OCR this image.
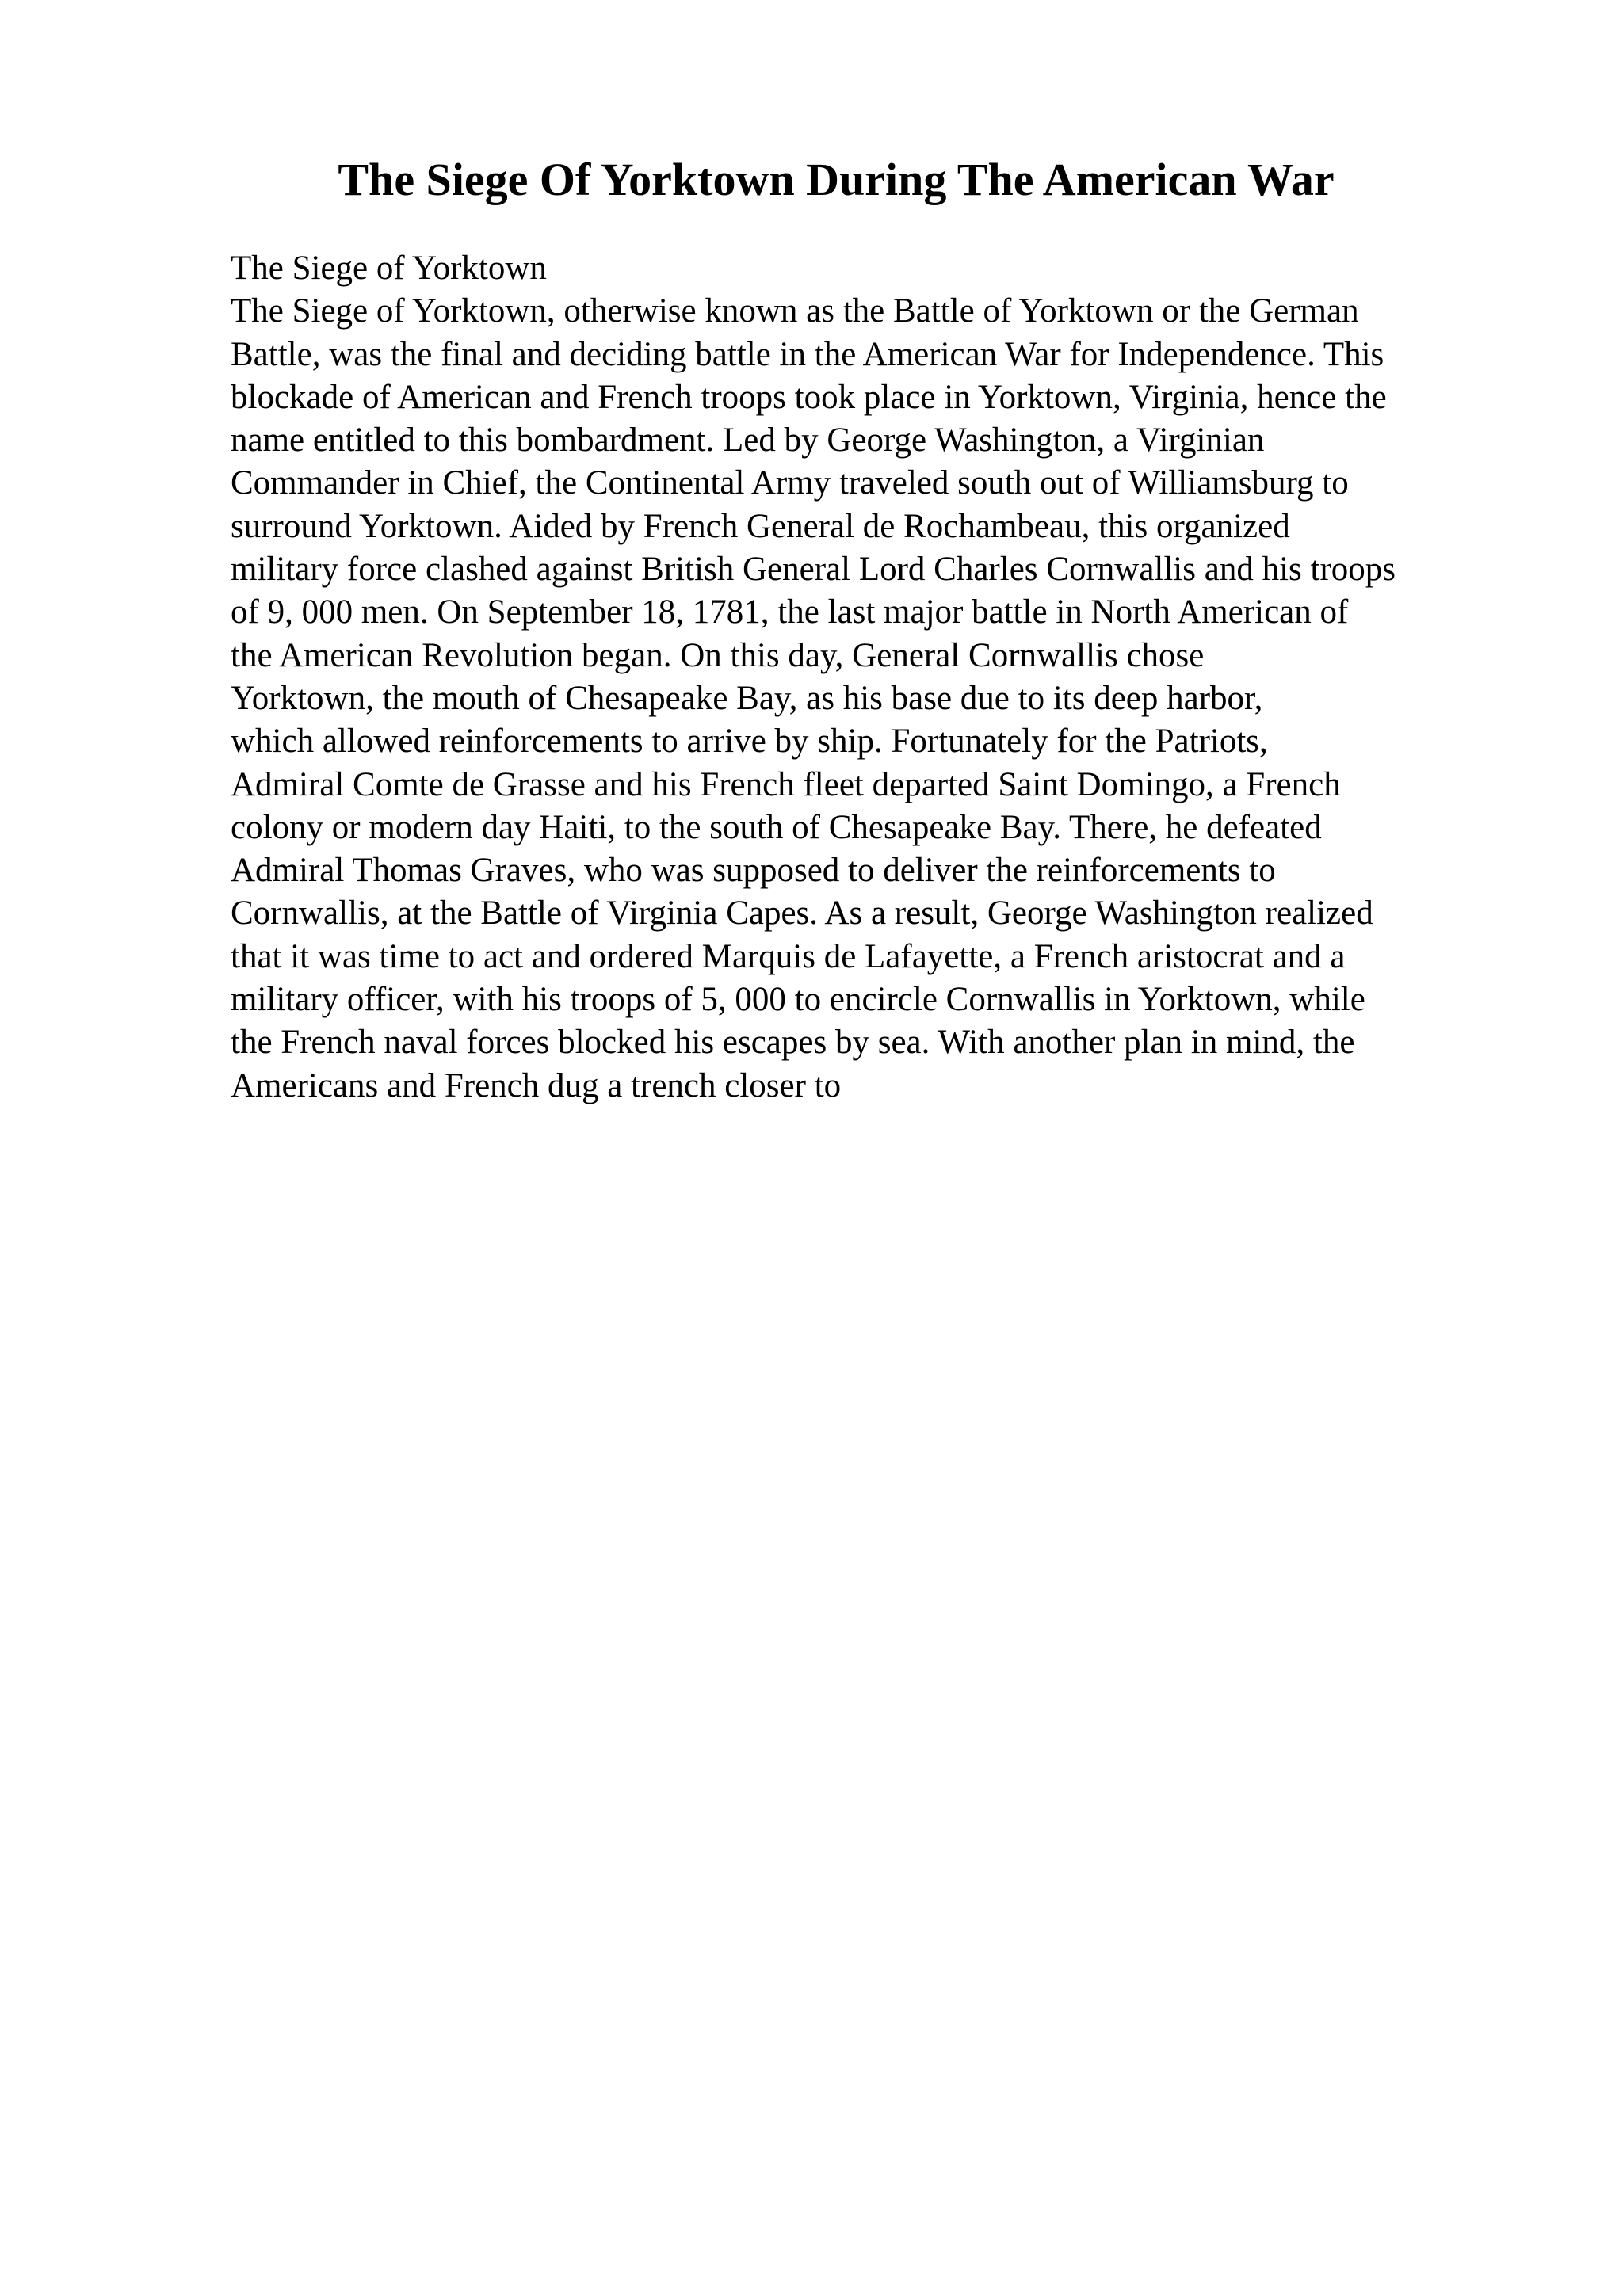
The Siege Of Yorktown During The American War
The Siege of Yorktown
The Siege of Yorktown, otherwise known as the Battle of Yorktown or the German
Battle, was the final and deciding battle in the American War for Independence. This
blockade of American and French troops took place in Yorktown, Virginia, hence the
name entitled to this bombardment. Led by George Washington, a Virginian
Commander in Chief, the Continental Army traveled south out of Williamsburg to
surround Yorktown. Aided by French General de Rochambeau, this organized
military force clashed against British General Lord Charles Cornwallis and his troops
of 9, 000 men. On September 18, 1781, the last major battle in North American of
the American Revolution began. On this day, General Cornwallis chose
Yorktown, the mouth of Chesapeake Bay, as his base due to its deep harbor,
which allowed reinforcements to arrive by ship. Fortunately for the Patriots,
Admiral Comte de Grasse and his French fleet departed Saint Domingo, a French
colony or modern day Haiti, to the south of Chesapeake Bay. There, he defeated
Admiral Thomas Graves, who was supposed to deliver the reinforcements to
Cornwallis, at the Battle of Virginia Capes. As a result, George Washington realized
that it was time to act and ordered Marquis de Lafayette, a French aristocrat and a
military officer, with his troops of 5, 000 to encircle Cornwallis in Yorktown, while
the French naval forces blocked his escapes by sea. With another plan in mind, the
Americans and French dug a trench closer to
